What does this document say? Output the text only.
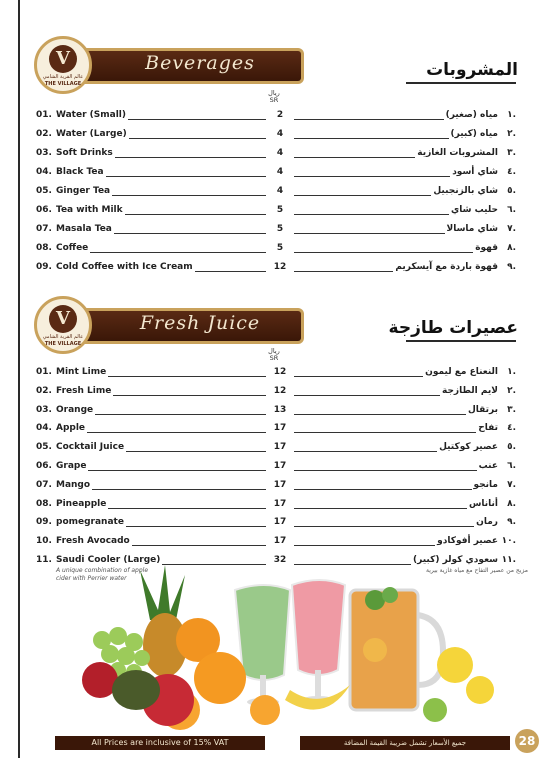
Beverages
V
عالم القرية الشامي
THE VILLAGE
المشروبات
ريال
SR
01. Water (Small)	2	مياه (صغير) ١.
02. Water (Large)	4	مياه (كبير) ٢.
03. Soft Drinks	4	المشروبات الغازية ٣.
04. Black Tea	4	شاي أسود ٤.
05. Ginger Tea	4	شاي بالزنجبيل ٥.
06. Tea with Milk	5	حليب شاي ٦.
07. Masala Tea	5	شاي ماسالا ٧.
08. Coffee	5	قهوة ٨.
09. Cold Coffee with Ice Cream	12	قهوة باردة مع آيسكريم ٩.
Fresh Juice
V
عالم القرية الشامي
THE VILLAGE
عصيرات طازجة
ريال
SR
01. Mint Lime	12	النعناع مع ليمون ١.
02. Fresh Lime	12	لايم الطازجة ٢.
03. Orange	13	برتقال ٣.
04. Apple	17	تفاح ٤.
05. Cocktail Juice	17	عصير كوكتيل ٥.
06. Grape	17	عنب ٦.
07. Mango	17	مانجو ٧.
08. Pineapple	17	أناناس ٨.
09. pomegranate	17	رمان ٩.
10. Fresh Avocado	17	عصير أفوكادو ١٠.
11. Saudi Cooler (Large)	32	سعودي كولر (كبير) ١١.
A unique combination of apple cider with Perrier water
مزيج من عصير التفاح مع مياه غازية بيرية
All Prices are inclusive of 15% VAT	جميع الأسعار تشمل ضريبة القيمة المضافة	28
